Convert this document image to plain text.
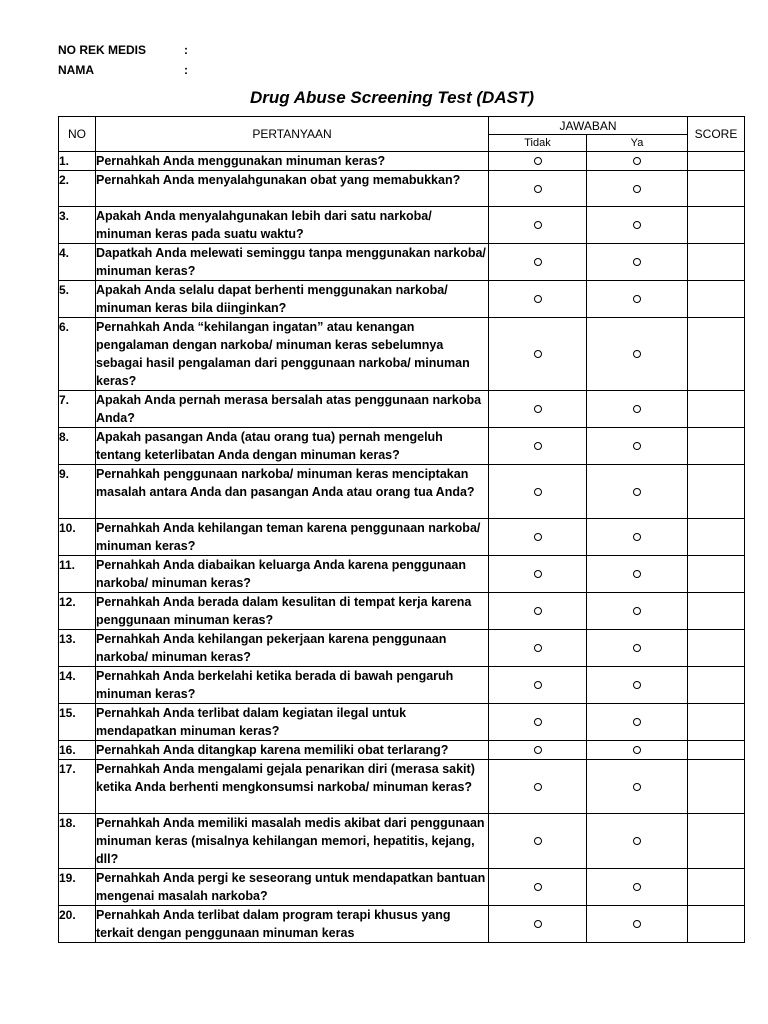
NO REK MEDIS	:
NAMA	:
Drug Abuse Screening Test (DAST)
NO	PERTANYAAN	JAWABAN		SCORE
		Tidak	Ya	
1.	Pernahkah Anda menggunakan minuman keras?			
2.	Pernahkah Anda menyalahgunakan obat yang memabukkan?			
3.	Apakah Anda menyalahgunakan lebih dari satu narkoba/ minuman keras pada suatu waktu?			
4.	Dapatkah Anda melewati seminggu tanpa menggunakan narkoba/ minuman keras?			
5.	Apakah Anda selalu dapat berhenti menggunakan narkoba/ minuman keras bila diinginkan?			
6.	Pernahkah Anda “kehilangan ingatan” atau kenangan pengalaman dengan narkoba/ minuman keras sebelumnya sebagai hasil pengalaman dari penggunaan narkoba/ minuman keras?			
7.	Apakah Anda pernah merasa bersalah atas penggunaan narkoba Anda?			
8.	Apakah pasangan Anda (atau orang tua) pernah mengeluh tentang keterlibatan Anda dengan minuman keras?			
9.	Pernahkah penggunaan narkoba/ minuman keras menciptakan masalah antara Anda dan pasangan Anda atau orang tua Anda?			
10.	Pernahkah Anda kehilangan teman karena penggunaan narkoba/ minuman keras?			
11.	Pernahkah Anda diabaikan keluarga Anda karena penggunaan narkoba/ minuman keras?			
12.	Pernahkah Anda berada dalam kesulitan di tempat kerja karena penggunaan minuman keras?			
13.	Pernahkah Anda kehilangan pekerjaan karena penggunaan narkoba/ minuman keras?			
14.	Pernahkah Anda berkelahi ketika berada di bawah pengaruh minuman keras?			
15.	Pernahkah Anda terlibat dalam kegiatan ilegal untuk mendapatkan minuman keras?			
16.	Pernahkah Anda ditangkap karena memiliki obat terlarang?			
17.	Pernahkah Anda mengalami gejala penarikan diri (merasa sakit) ketika Anda berhenti mengkonsumsi narkoba/ minuman keras?			
18.	Pernahkah Anda memiliki masalah medis akibat dari penggunaan minuman keras (misalnya kehilangan memori, hepatitis, kejang, dll?			
19.	Pernahkah Anda pergi ke seseorang untuk mendapatkan bantuan mengenai masalah narkoba?			
20.	Pernahkah Anda terlibat dalam program terapi khusus yang terkait dengan penggunaan minuman keras			
